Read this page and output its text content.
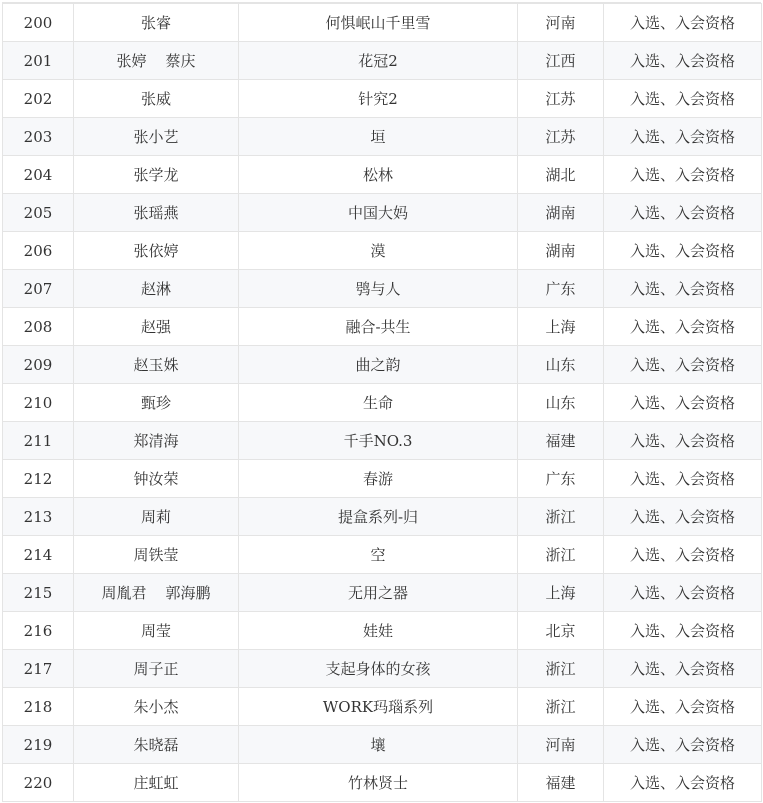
200	张睿	何惧岷山千里雪	河南	入选、入会资格
201	张婷    蔡庆	花冠2	江西	入选、入会资格
202	张威	针究2	江苏	入选、入会资格
203	张小艺	垣	江苏	入选、入会资格
204	张学龙	松林	湖北	入选、入会资格
205	张瑶燕	中国大妈	湖南	入选、入会资格
206	张依婷	漠	湖南	入选、入会资格
207	赵淋	鸮与人	广东	入选、入会资格
208	赵强	融合-共生	上海	入选、入会资格
209	赵玉姝	曲之韵	山东	入选、入会资格
210	甄珍	生命	山东	入选、入会资格
211	郑清海	千手NO.3	福建	入选、入会资格
212	钟汝荣	春游	广东	入选、入会资格
213	周莉	提盒系列-归	浙江	入选、入会资格
214	周铁莹	空	浙江	入选、入会资格
215	周胤君    郭海鹏	无用之器	上海	入选、入会资格
216	周莹	娃娃	北京	入选、入会资格
217	周子正	支起身体的女孩	浙江	入选、入会资格
218	朱小杰	WORK玛瑙系列	浙江	入选、入会资格
219	朱晓磊	壤	河南	入选、入会资格
220	庄虹虹	竹林贤士	福建	入选、入会资格
